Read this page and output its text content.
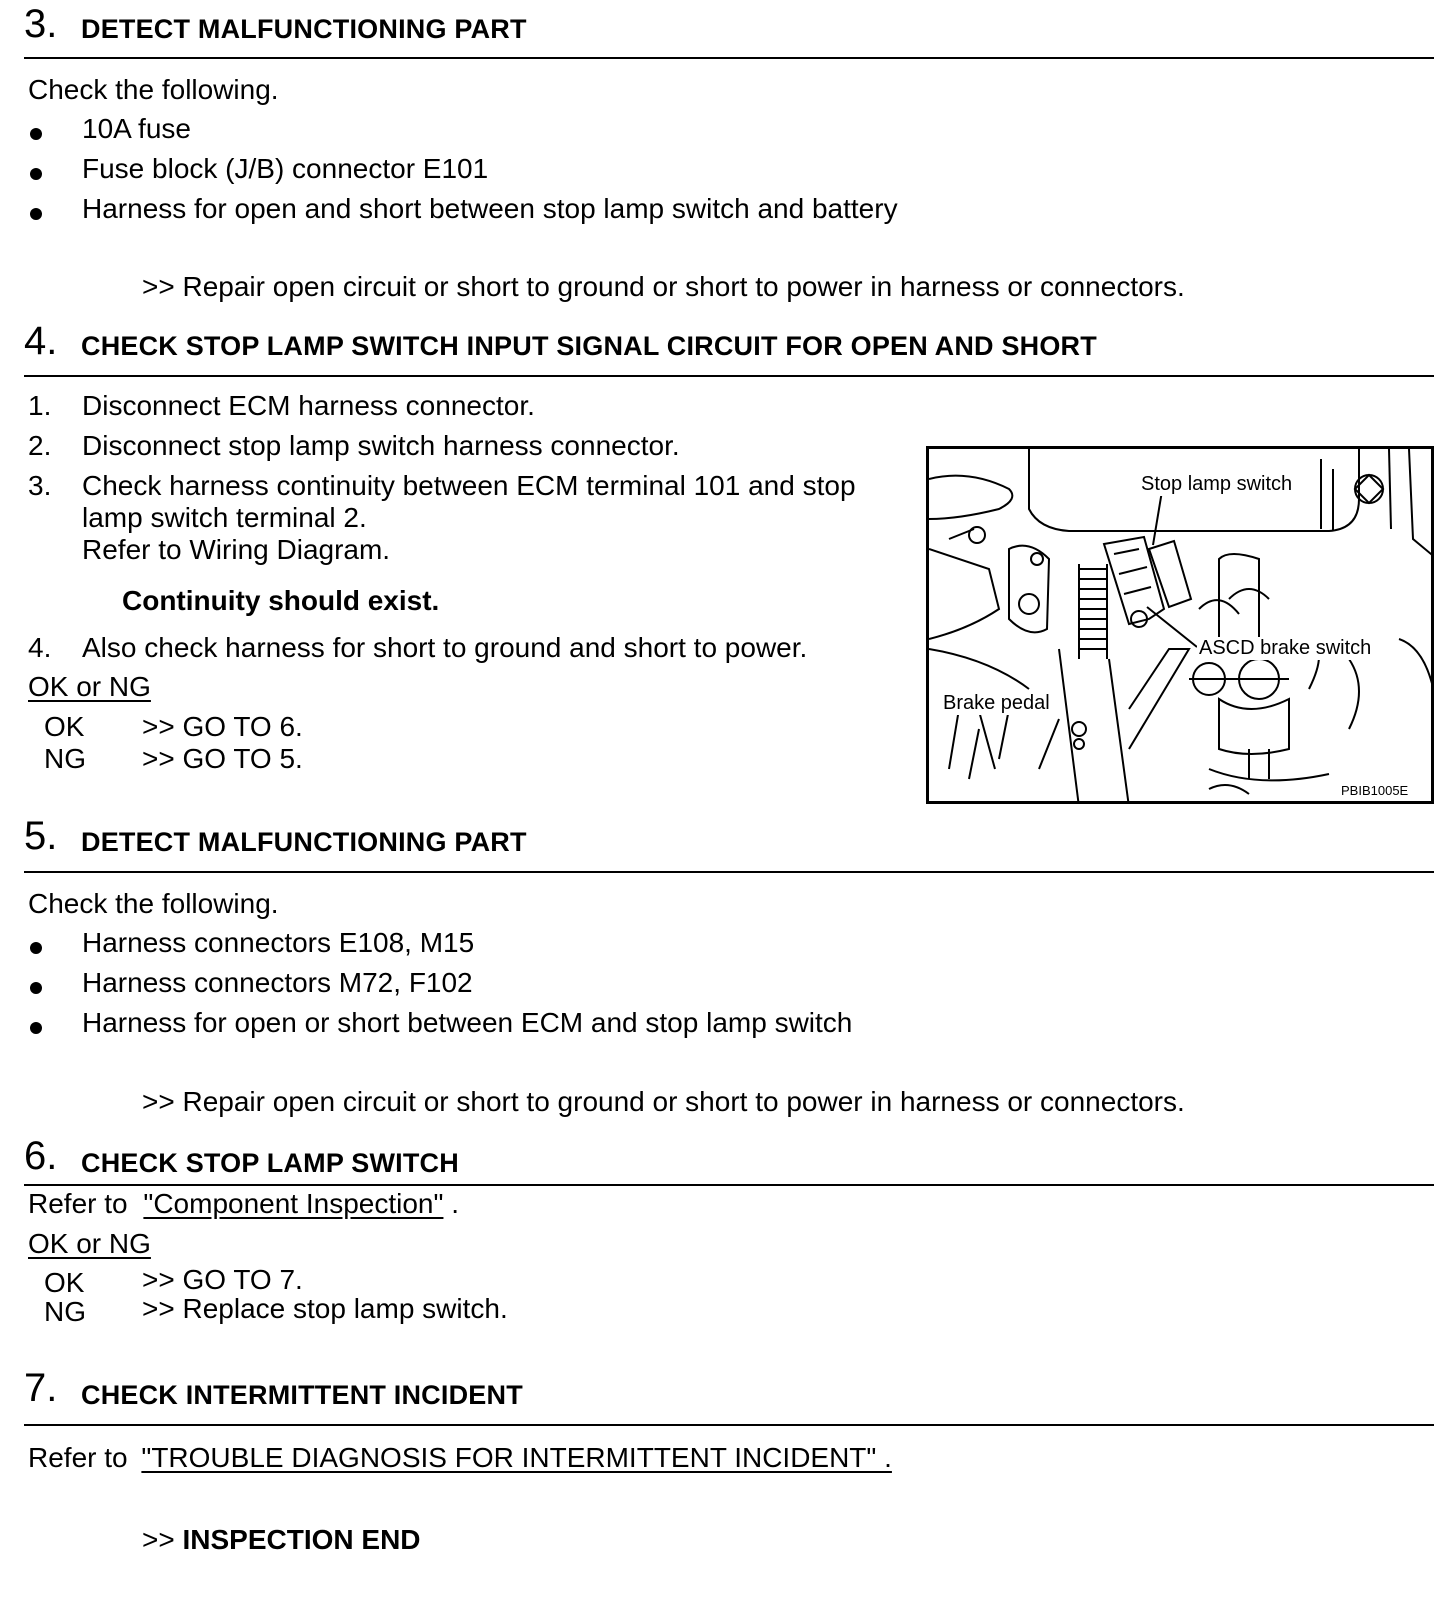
3. DETECT MALFUNCTIONING PART
Check the following.
10A fuse
Fuse block (J/B) connector E101
Harness for open and short between stop lamp switch and battery
>> Repair open circuit or short to ground or short to power in harness or connectors.
4. CHECK STOP LAMP SWITCH INPUT SIGNAL CIRCUIT FOR OPEN AND SHORT
1. Disconnect ECM harness connector.
2. Disconnect stop lamp switch harness connector.
3. Check harness continuity between ECM terminal 101 and stop
lamp switch terminal 2.
Refer to Wiring Diagram.
Continuity should exist.
4. Also check harness for short to ground and short to power.
OK or NG
OK >> GO TO 6.
NG >> GO TO 5.
Stop lamp switch
ASCD brake switch
Brake pedal
PBIB1005E
5. DETECT MALFUNCTIONING PART
Check the following.
Harness connectors E108, M15
Harness connectors M72, F102
Harness for open or short between ECM and stop lamp switch
>> Repair open circuit or short to ground or short to power in harness or connectors.
6. CHECK STOP LAMP SWITCH
Refer to "Component Inspection" .
OK or NG
OK >> GO TO 7.
NG >> Replace stop lamp switch.
7. CHECK INTERMITTENT INCIDENT
Refer to "TROUBLE DIAGNOSIS FOR INTERMITTENT INCIDENT" .
>> INSPECTION END
